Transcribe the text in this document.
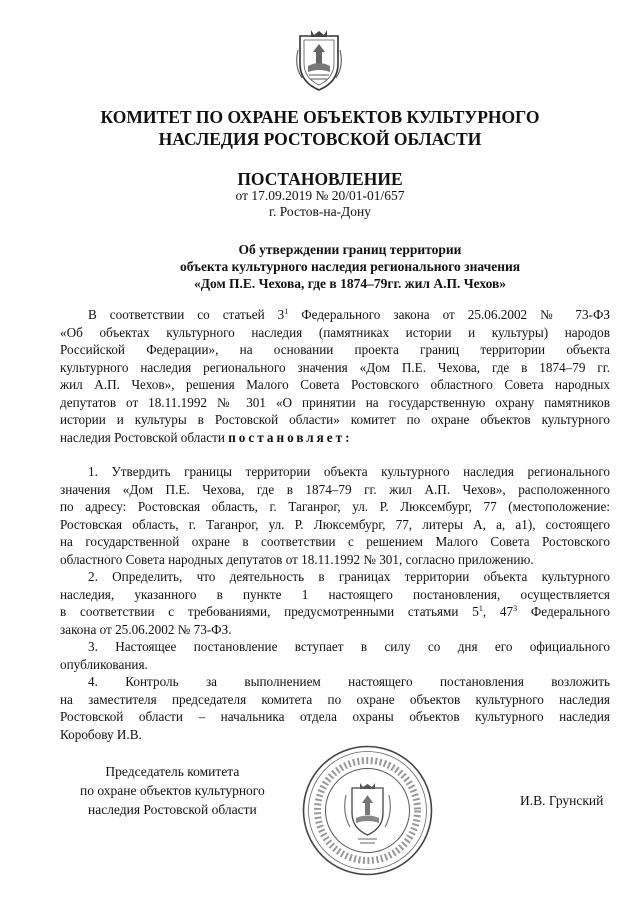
КОМИТЕТ ПО ОХРАНЕ ОБЪЕКТОВ КУЛЬТУРНОГО
НАСЛЕДИЯ РОСТОВСКОЙ ОБЛАСТИ
ПОСТАНОВЛЕНИЕ
от 17.09.2019 № 20/01-01/657
г. Ростов-на-Дону
Об утверждении границ территории
объекта культурного наследия регионального значения
«Дом П.Е. Чехова, где в 1874–79гг. жил А.П. Чехов»
В соответствии со статьей $3^1$ Федерального закона от 25.06.2002 № 73-ФЗ
«Об объектах культурного наследия (памятниках истории и культуры) народов
Российской Федерации», на основании проекта границ территории объекта
культурного наследия регионального значения «Дом П.Е. Чехова, где в 1874–79 гг.
жил А.П. Чехов», решения Малого Совета Ростовского областного Совета народных
депутатов от 18.11.1992 № 301 «О принятии на государственную охрану памятников
истории и культуры в Ростовской области» комитет по охране объектов культурного
наследия Ростовской области постановляет:
1. Утвердить границы территории объекта культурного наследия регионального
значения «Дом П.Е. Чехова, где в 1874–79 гг. жил А.П. Чехов», расположенного
по адресу: Ростовская область, г. Таганрог, ул. Р. Люксембург, 77 (местоположение:
Ростовская область, г. Таганрог, ул. Р. Люксембург, 77, литеры А, а, а1), состоящего
на государственной охране в соответствии с решением Малого Совета Ростовского
областного Совета народных депутатов от 18.11.1992 № 301, согласно приложению.
2. Определить, что деятельность в границах территории объекта культурного
наследия, указанного в пункте 1 настоящего постановления, осуществляется
в соответствии с требованиями, предусмотренными статьями $5^1$, $47^3$ Федерального
закона от 25.06.2002 № 73-ФЗ.
3. Настоящее постановление вступает в силу со дня его официального
опубликования.
4. Контроль за выполнением настоящего постановления возложить
на заместителя председателя комитета по охране объектов культурного наследия
Ростовской области – начальника отдела охраны объектов культурного наследия
Коробову И.В.
Председатель комитета
по охране объектов культурного
наследия Ростовской области
И.В. Грунский
